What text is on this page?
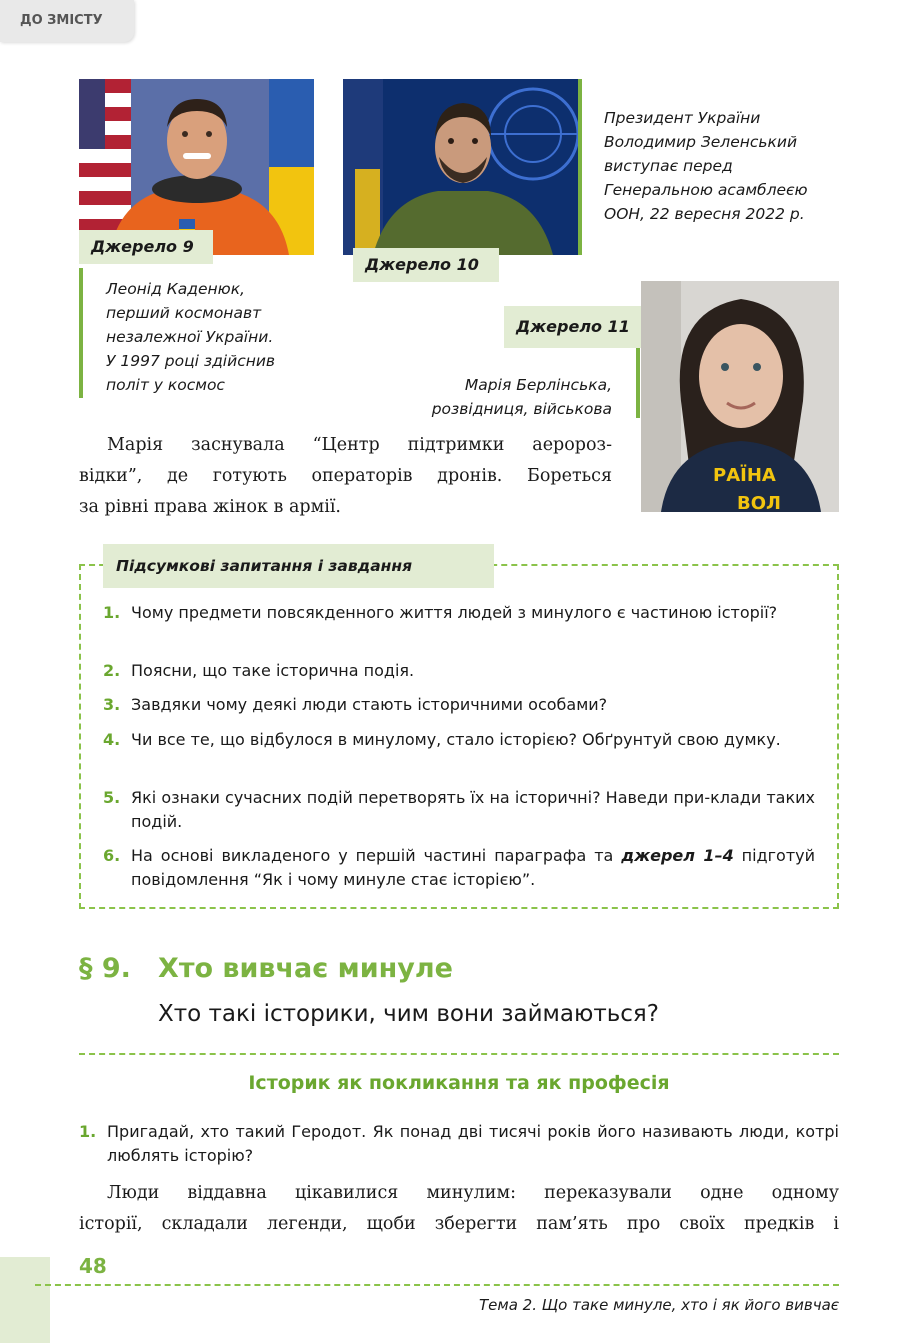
ДО ЗМІСТУ
Джерело 9
Леонід Каденюк,
перший космонавт
незалежної України.
У 1997 році здійснив
політ у космос
Джерело 10
Президент України
Володимир Зеленський
виступає перед
Генеральною асамблеєю
ООН, 22 вересня 2022 р.
Джерело 11
Марія Берлінська,
розвідниця, військова
РАЇНА
ВОЛ
Марія заснувала “Центр підтримки аеророз-
відки”, де готують операторів дронів. Бореться
за рівні права жінок в армії.
Підсумкові запитання і завдання
1. Чому предмети повсякденного життя людей з минулого є частиною історії?
2. Поясни, що таке історична подія.
3. Завдяки чому деякі люди стають історичними особами?
4. Чи все те, що відбулося в минулому, стало історією? Обґрунтуй свою думку.
5. Які ознаки сучасних подій перетворять їх на історичні? Наведи при-клади таких подій.
6. На основі викладеного у першій частині параграфа та джерел 1–4 підготуй повідомлення “Як і чому минуле стає історією”.
§ 9. Хто вивчає минуле
Хто такі історики, чим вони займаються?
Історик як покликання та як професія
1. Пригадай, хто такий Геродот. Як понад дві тисячі років його називають люди, котрі люблять історію?
Люди віддавна цікавилися минулим: переказували одне одному
історії, складали легенди, щоби зберегти пам’ять про своїх предків і
48
Тема 2. Що таке минуле, хто і як його вивчає
